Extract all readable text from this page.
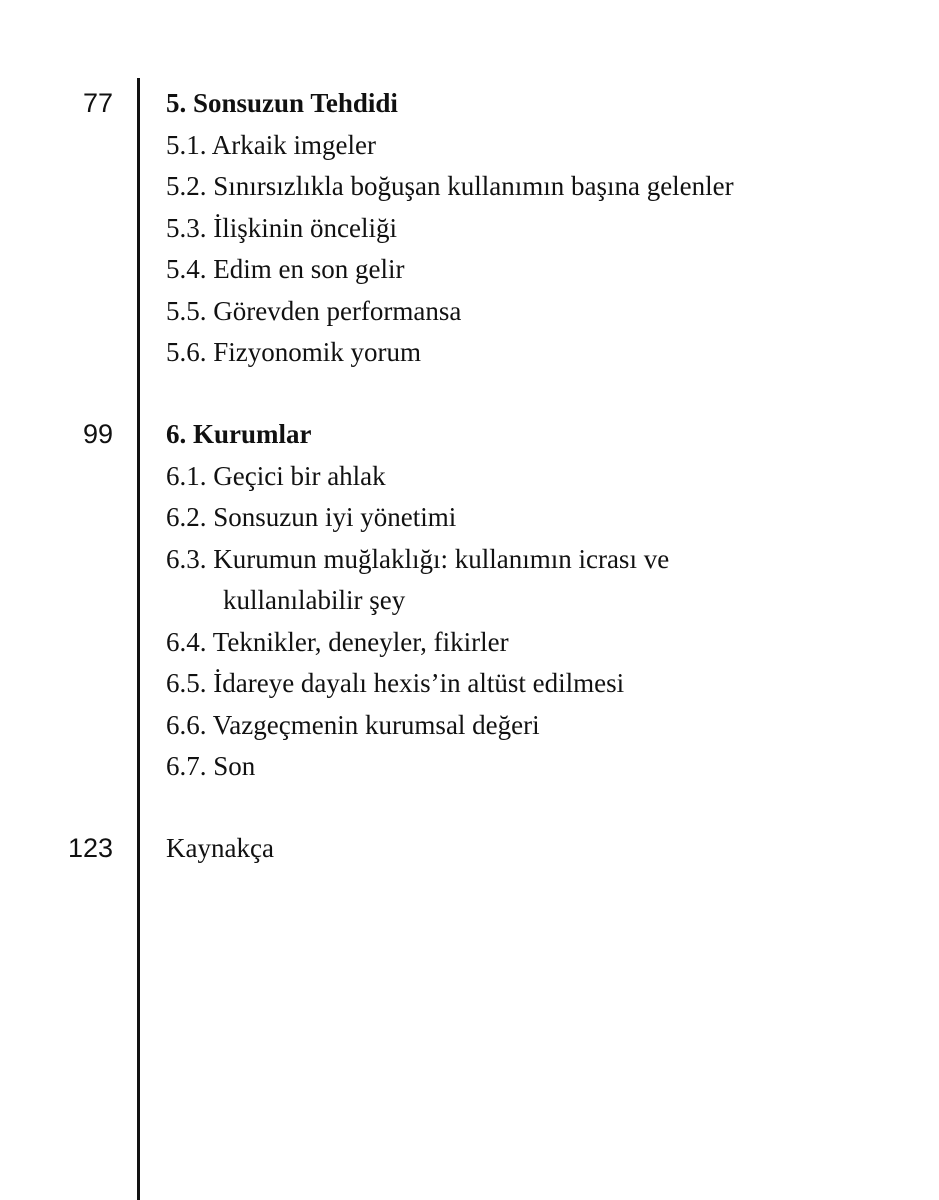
77 5. Sonsuzun Tehdidi
5.1. Arkaik imgeler
5.2. Sınırsızlıkla boğuşan kullanımın başına gelenler
5.3. İlişkinin önceliği
5.4. Edim en son gelir
5.5. Görevden performansa
5.6. Fizyonomik yorum
99 6. Kurumlar
6.1. Geçici bir ahlak
6.2. Sonsuzun iyi yönetimi
6.3. Kurumun muğlaklığı: kullanımın icrası ve
kullanılabilir şey
6.4. Teknikler, deneyler, fikirler
6.5. İdareye dayalı hexis’in altüst edilmesi
6.6. Vazgeçmenin kurumsal değeri
6.7. Son
123 Kaynakça
